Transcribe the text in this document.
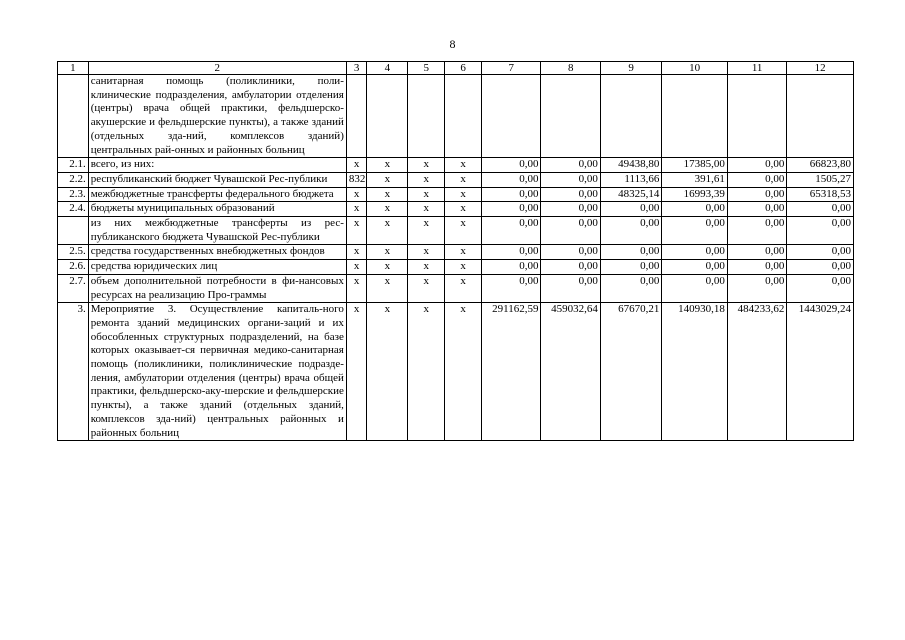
8
1	2	3	4	5	6	7	8	9	10	11	12
	санитарная помощь (поликлиники, поли-клинические подразделения, амбулатории отделения (центры) врача общей практики, фельдшерско-акушерские и фельдшерские пункты), а также зданий (отдельных зда-ний, комплексов зданий) центральных рай-онных и районных больниц										
2.1.	всего, из них:	x	x	x	x	0,00	0,00	49438,80	17385,00	0,00	66823,80
2.2.	республиканский бюджет Чувашской Рес-публики	832	x	x	x	0,00	0,00	1113,66	391,61	0,00	1505,27
2.3.	межбюджетные трансферты федерального бюджета	x	x	x	x	0,00	0,00	48325,14	16993,39	0,00	65318,53
2.4.	бюджеты муниципальных образований	x	x	x	x	0,00	0,00	0,00	0,00	0,00	0,00
	из них межбюджетные трансферты из рес-публиканского бюджета Чувашской Рес-публики	x	x	x	x	0,00	0,00	0,00	0,00	0,00	0,00
2.5.	средства государственных внебюджетных фондов	x	x	x	x	0,00	0,00	0,00	0,00	0,00	0,00
2.6.	средства юридических лиц	x	x	x	x	0,00	0,00	0,00	0,00	0,00	0,00
2.7.	объем дополнительной потребности в фи-нансовых ресурсах на реализацию Про-граммы	x	x	x	x	0,00	0,00	0,00	0,00	0,00	0,00
3.	Мероприятие 3. Осуществление капиталь-ного ремонта зданий медицинских органи-заций и их обособленных структурных подразделений, на базе которых оказывает-ся первичная медико-санитарная помощь (поликлиники, поликлинические подразде-ления, амбулатории отделения (центры) врача общей практики, фельдшерско-аку-шерские и фельдшерские пункты), а также зданий (отдельных зданий, комплексов зда-ний) центральных районных и районных больниц	x	x	x	x	291162,59	459032,64	67670,21	140930,18	484233,62	1443029,24
